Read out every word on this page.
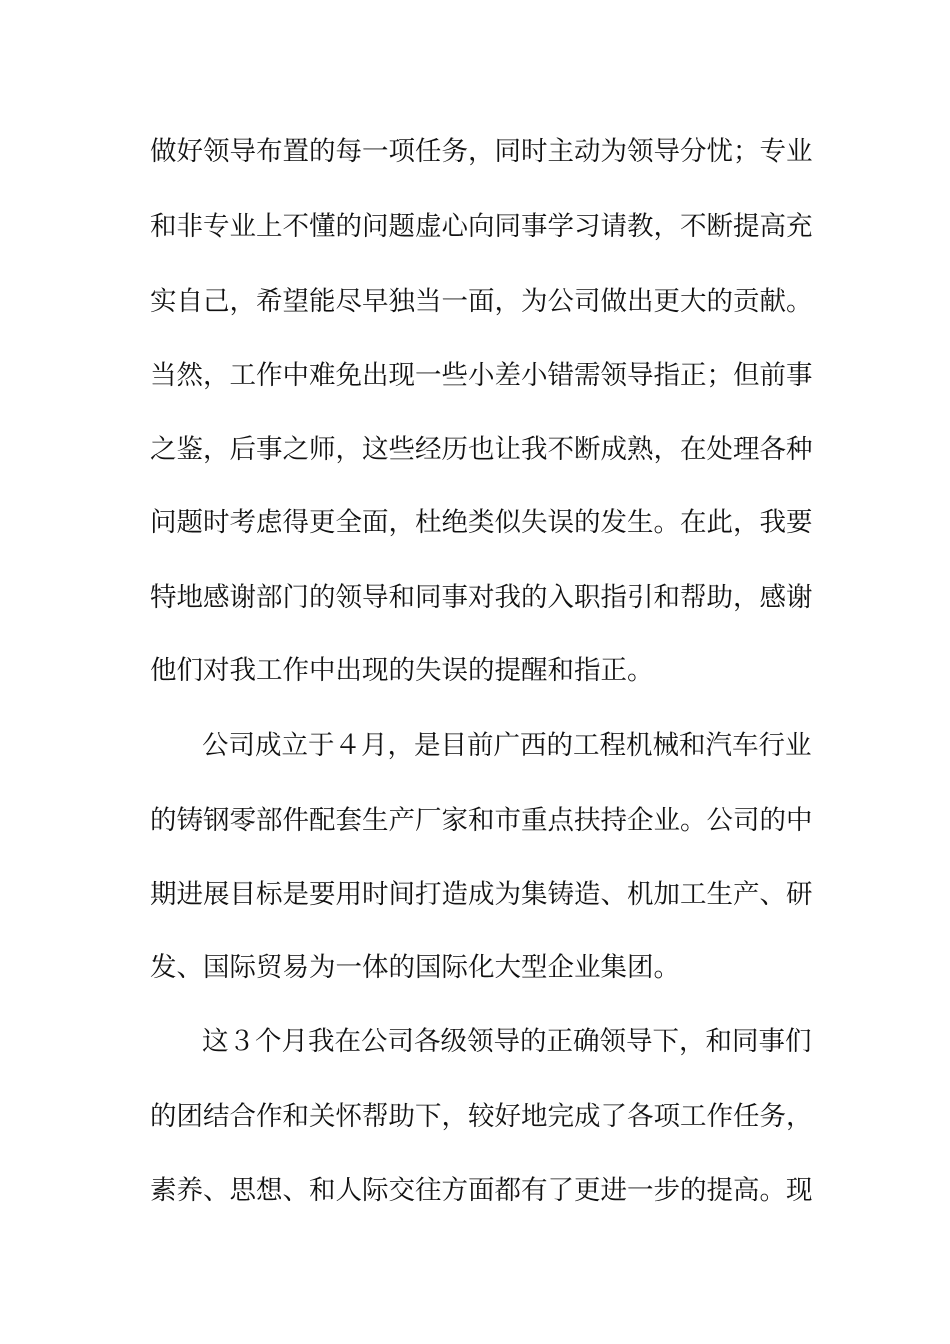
做好领导布置的每一项任务，同时主动为领导分忧；专业
和非专业上不懂的问题虚心向同事学习请教，不断提高充
实自己，希望能尽早独当一面，为公司做出更大的贡献。
当然，工作中难免出现一些小差小错需领导指正；但前事
之鉴，后事之师，这些经历也让我不断成熟，在处理各种
问题时考虑得更全面，杜绝类似失误的发生。在此，我要
特地感谢部门的领导和同事对我的入职指引和帮助，感谢
他们对我工作中出现的失误的提醒和指正。
公司成立于４月，是目前广西的工程机械和汽车行业
的铸钢零部件配套生产厂家和市重点扶持企业。公司的中
期进展目标是要用时间打造成为集铸造、机加工生产、研
发、国际贸易为一体的国际化大型企业集团。
这３个月我在公司各级领导的正确领导下，和同事们
的团结合作和关怀帮助下，较好地完成了各项工作任务，
素养、思想、和人际交往方面都有了更进一步的提高。现
